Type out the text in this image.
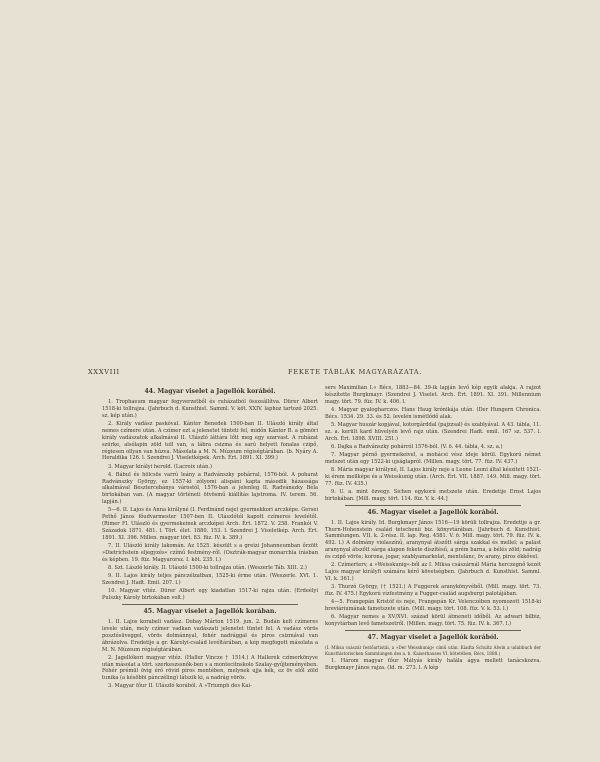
XXXVIII	FEKETE TÁBLÁK MAGYARÁZATA.
44. Magyar viselet a Jagellók korából.

1. Trophaeum magyar fegyverzetből és ruházatból összeállítva. Dürer Albert 1518-ki tollrajza. (Jahrbuch d. Kunsthist. Samml. V. köt. XXIV. laphoz tartozó 2025. sz. kép után.)

2. Király vadász paskóval. Kántor Benedek 1500-ban II. Ulászló király által nemes czímere után. A czímer ezt a jelenetet tünteti fel, midőn Kántor B. a gömöri király vadászatok alkalmával II. Ulászló láttára lőtt meg egy szarvast. A ruházat szürke, alsólapin zöld toll van, a lábra csizma és sarú helyett fonalas czipő, régiesen ollyan van húzva. Másolata a M. N. Múzeum régiségtárában. (b. Nyáry A. Heraldika 126. l. Szendrei J. Viseletképek. Arch. Ért. 1891. XI. 399.)

3. Magyar királyi herold. (Lacroix után.)

4. Bábul és hölcsös varrú leány a Radvánszky pohárral, 1576-ból. A poharat Radvánszky György, ez 1557-ki zólyomi alispáni kapta második házassága alkalmával Besztercebánya várostól, 1576-ban a jelenleg II. Radvánszky Béla birtokában van. (A magyar történeti ötvösmű kiállítás lajstroma. IV. terem. 56. lapján.)

5—6. II. Lajos és Anna királyné (I. Ferdinánd neje) gyermekkori arczképe. Gersei Pethő János főudvarmester 1507-ben II. Ulászlótól kapott czímeres levelétől. (Rimer Fl. Ulászló és gyermekeinek arczképei Arch. Ért. 1872. V. 258. Frankói V. Századok 1871. 481. l. Tört. élet. 1880. 153. l. Szendrei J. Viseletkép. Arch. Ért. 1891. XI. 396. Millen. magyar tört. 83. füz. IV. k. 389.)

7. II. Ulászló király lakomán. Az 1525. készült s a greizi Johanneumban őrzött »Dietrichstein eljegyzés« czímű festmény-ről. (Osztrák-magyar monarchia írásban és képben. 19. füz. Magyarorsz. I. köt. 235. l.)

8. Szt. László király. II. Ulászló 1500-ki tollrajza után. (Weszerle Táb. XIII. 2.)

9. II. Lajos király teljes pánczélzatban, 1525-ki érme után. (Weszerle. XVI. 1. Szendrei J. Hadt. Emil. 207. l.)

10. Magyar vitéz. Dürer Albert egy kiadatlan 1517-ki rajza után. (Erdeélyi Pulszky Károly birtokában volt.)

45. Magyar viselet a Jagellók korában.

1. II. Lajos korabeli vadász. Dobay Márton 1519. jun. 2. Budán kelt czímeres levele után, mely czímer vadkan vadászati jelenetet tüntet fel. A vadász vörös posztósüveggel, vörös dolmánnyal, fehér nadrággal és piros csizmával van ábrázolva. Eredetije a gr. Károlyi-család levéltárában, a kép megfogott másolata a M. N. Múzeum régiségtárában.

2. Jagellókori magyar vitéz. (Haller Vincze † 1514.) A Hallerek czímerkönyve után másolat a tört. szerkeszssnők-ben s a montecitnskolo Szalay-gyűjteményében. Fehér prémül övig érő rövid piros mentében, melynek ujja kék, ez öv elől zöld tunika (a késöbbi pánczéling) látszik ki, a nadrág vörös.

3. Magyar főur II. Ulászló korából. A »Triumph des Kai-

sers Maximilian I.« Bécs, 1883—84. 39-ik lapján levő kép egyik alakja. A rajzot készítette Burgkmayr. (Szendrei J. Viselet. Arch. Ért. 1891. XI. 391. Millennium magy. tört. 79. füz. IV. k. 406. l.

4. Magyar gyalogharczos. Hans Haug krónikája után. (Der Hungern Chronica. Bécs. 1534. 29. 33. és 52. levelén ismétlődő alak.

5. Magyar huszár kopjával, kotorgárddal (pajzzsal) és szablyával. A 43. tábla, 11. sz. a. került kard hüvelyén levő rajz után. (Szendrei Hadt. emil. 167 sz. 537. l. Arch. Ért. 1898. XVIII. 251.)

6. Dajka a Radvánszky pohárról 1576-ból. (V. ö. 44. tábla, 4. sz. a.)

7. Magyar pérnő gyermekeivel, a mohácsi vész ideje körül. Egykorú német metszet után egy 1522-ki ujságlapról. (Millen. magy. tört. 77. füz. IV. 437.)

8. Mária magyar királyné, II. Lajos király neje a Leone Leoni által készített 1521-ki érem mellképe és a Weisskunig után. (Arch. Ért. VII. 1887. 149. Mill. magy. tört. 77. füz. IV. 435.)

9. U. a. mint özvegy. Sichen egykorú metszete után. Eredetije Ernst Lajos birtokában. [Mill. magy. tört. 114. füz. V. k. 44.]

46. Magyar viselet a Jagellók korából.

1. II. Lajos király. Id. Burgkmayr János 1516—19 körüli tollrajza. Eredetije a gr. Thurn-Hohenstein család tetschenii biz. könyvtárában. (Jahrbuch d. Kunsthist. Sammlungen. VII. k. 2-rész. II. lap. Reg. 4581. V. ö. Mill. magy. tört. 79. füz. IV. k. 492. l.) A dolmány violaszínű, aranynyal átszőtt sárga szakkal és mellel; a palást aranynyal átszőtt sárga alapon fekete díszítésű, a prém barna, a bélés zöld; nadrág és czipő vörös; korona, jogar, szablyamarkolat, mentelánc, öv arany, piros ékkővel.

2. Czímerterv, a »Weisskunig«-ből az I. Miksa császárnál Mária herczegnő kezét Lajos magyar királyfi számára kérő követségben. (Jahrbuch d. Kunsthist. Samml. VI. k. 361.)

3. Thurzó György, († 1521.) A Fuggerek aranykönyvéből. (Mill. magy. tört. 73. füz. IV. 475.) Egykorú vízfestmény a Fugger-család augsburgi palotájában.

4—5. Frangepán Kristóf és neje, Frangepán Kr. Velenczében nyomozott 1518-ki breviáriumának fametszete után. (Mill. magy. tört. 108. füz. V. k. 53. l.)

6. Magyar nemes a XV/XVI. század körül átmeneti időből. Az adwari bilbiz, konyvtárban levő fametszetről. (Millen. magy. tört. 75. füz. IV. k. 367. l.)

47. Magyar viselet a Jagellók korából.

(I. Miksa császár festőartistái, a »Der Weisskunig« című után. Kiadta Schultz Alwin a udabbuch der Kunsthistorischen Sammlungen des a. h. Kaiserhauses VI. kötetében, Bécs, 1888.)

1. Három magyar főur Mátyás király halála ágya mellett tanácskozva. Burgkmayr János rajza. (Id. m. 273. l. A kép
